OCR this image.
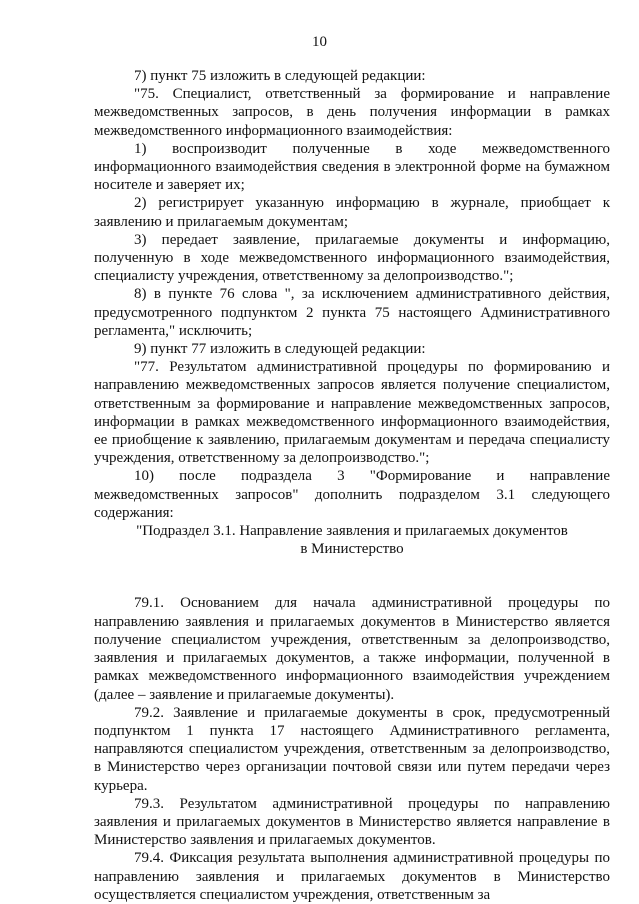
10

7) пункт 75 изложить в следующей редакции:

"75. Специалист, ответственный за формирование и направление межведомственных запросов, в день получения информации в рамках межведомственного информационного взаимодействия:

1) воспроизводит полученные в ходе межведомственного информационного взаимодействия сведения в электронной форме на бумажном носителе и заверяет их;

2) регистрирует указанную информацию в журнале, приобщает к заявлению и прилагаемым документам;

3) передает заявление, прилагаемые документы и информацию, полученную в ходе межведомственного информационного взаимодействия, специалисту учреждения, ответственному за делопроизводство.";

8) в пункте 76 слова ", за исключением административного действия, предусмотренного подпунктом 2 пункта 75 настоящего Административного регламента," исключить;

9) пункт 77 изложить в следующей редакции:

"77. Результатом административной процедуры по формированию и направлению межведомственных запросов является получение специалистом, ответственным за формирование и направление межведомственных запросов, информации в рамках межведомственного информационного взаимодействия, ее приобщение к заявлению, прилагаемым документам и передача специалисту учреждения, ответственному за делопроизводство.";

10) после подраздела 3 "Формирование и направление межведомственных запросов" дополнить подразделом 3.1 следующего содержания:

"Подраздел 3.1. Направление заявления и прилагаемых документов
в Министерство

79.1. Основанием для начала административной процедуры по направлению заявления и прилагаемых документов в Министерство является получение специалистом учреждения, ответственным за делопроизводство, заявления и прилагаемых документов, а также информации, полученной в рамках межведомственного информационного взаимодействия учреждением (далее – заявление и прилагаемые документы).

79.2. Заявление и прилагаемые документы в срок, предусмотренный подпунктом 1 пункта 17 настоящего Административного регламента, направляются специалистом учреждения, ответственным за делопроизводство, в Министерство через организации почтовой связи или путем передачи через курьера.

79.3. Результатом административной процедуры по направлению заявления и прилагаемых документов в Министерство является направление в Министерство заявления и прилагаемых документов.

79.4. Фиксация результата выполнения административной процедуры по направлению заявления и прилагаемых документов в Министерство осуществляется специалистом учреждения, ответственным за
